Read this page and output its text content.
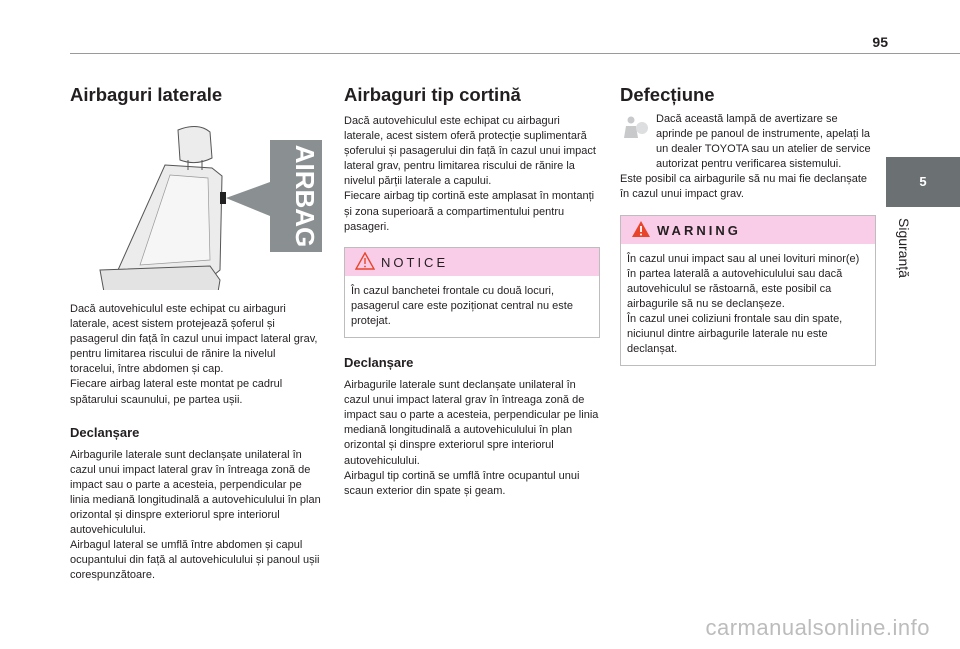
95
5
Siguranță
Airbaguri laterale
AIRBAG

Dacă autovehiculul este echipat cu airbaguri laterale, acest sistem protejează șoferul și pasagerul din față în cazul unui impact lateral grav, pentru limitarea riscului de rănire la nivelul toracelui, între abdomen și cap.
Fiecare airbag lateral este montat pe cadrul spătarului scaunului, pe partea ușii.

Declanșare

Airbagurile laterale sunt declanșate unilateral în cazul unui impact lateral grav în întreaga zonă de impact sau o parte a acesteia, perpendicular pe linia mediană longitudinală a autovehiculului în plan orizontal și dinspre exteriorul spre interiorul autovehiculului.
Airbagul lateral se umflă între abdomen și capul ocupantului din față al autovehiculului și panoul ușii corespunzătoare.

Airbaguri tip cortină

Dacă autovehiculul este echipat cu airbaguri laterale, acest sistem oferă protecție suplimentară șoferului și pasagerului din față în cazul unui impact lateral grav, pentru limitarea riscului de rănire la nivelul părții laterale a capului.
Fiecare airbag tip cortină este amplasat în montanți și zona superioară a compartimentului pentru pasageri.

NOTICE

În cazul banchetei frontale cu două locuri, pasagerul care este poziționat central nu este protejat.

Declanșare

Airbagurile laterale sunt declanșate unilateral în cazul unui impact lateral grav în întreaga zonă de impact sau o parte a acesteia, perpendicular pe linia mediană longitudinală a autovehiculului în plan orizontal și dinspre exteriorul spre interiorul autovehiculului.
Airbagul tip cortină se umflă între ocupantul unui scaun exterior din spate și geam.

Defecțiune

Dacă această lampă de avertizare se aprinde pe panoul de instrumente, apelați la un dealer TOYOTA sau un atelier de service autorizat pentru verificarea sistemului.

Este posibil ca airbagurile să nu mai fie declanșate în cazul unui impact grav.

WARNING

În cazul unui impact sau al unei lovituri minor(e) în partea laterală a autovehiculului sau dacă autovehiculul se răstoarnă, este posibil ca airbagurile să nu se declanșeze.
În cazul unei coliziuni frontale sau din spate, niciunul dintre airbagurile laterale nu este declanșat.

carmanualsonline.info
